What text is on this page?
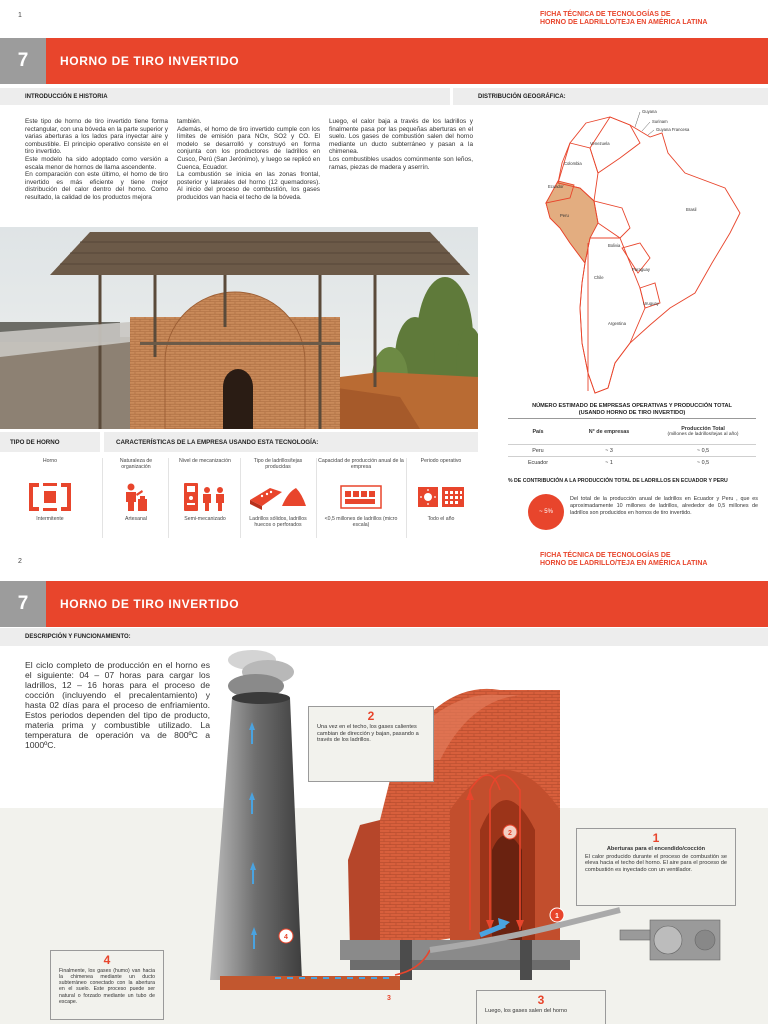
1	FICHA TÉCNICA DE TECNOLOGÍAS DE
HORNO DE LADRILLO/TEJA EN AMÉRICA LATINA
7	HORNO DE TIRO INVERTIDO
INTRODUCCIÓN E HISTORIA	DISTRIBUCIÓN GEOGRÁFICA:

Este tipo de horno de tiro invertido tiene forma rectangular, con una bóveda en la parte superior y varias aberturas a los lados para inyectar aire y combustible. El principio operativo consiste en el tiro invertido.
Este modelo ha sido adoptado como versión a escala menor de hornos de llama ascendente.
En comparación con este último, el horno de tiro invertido es más eficiente y tiene mejor distribución del calor dentro del horno. Como resultado, la calidad de los productos mejora

también.
Además, el horno de tiro invertido cumple con los límites de emisión para NOx, SO2 y CO. El modelo se desarrolló y construyó en forma conjunta con los productores de ladrillos en Cusco, Perú (San Jerónimo), y luego se replicó en Cuenca, Ecuador.
La combustión se inicia en las zonas frontal, posterior y laterales del horno (12 quemadores). Al inicio del proceso de combustión, los gases producidos van hacia el techo de la bóveda.

Luego, el calor baja a través de los ladrillos y finalmente pasa por las pequeñas aberturas en el suelo. Los gases de combustión salen del horno mediante un ducto subterráneo y pasan a la chimenea.
Los combustibles usados comúnmente son leños, ramas, piezas de madera y aserrín.

Guyana
Surinam
Guyana Francesa
Venezuela
Colombia
Ecuador
Peru
Brasil
Bolivia
Paraguay
Chile
Uruguay
Argentina
TIPO DE HORNO	CARACTERÍSTICAS DE LA EMPRESA USANDO ESTA TECNOLOGÍA:
Horno
Intermitente
Naturaleza de organización
Artesanal
Nivel de mecanización
Semi-mecanizado
Tipo de ladrillos/tejas producidas
Ladrillos sólidos, ladrillos huecos o perforados
Capacidad de producción anual de la empresa
<0,5 millones de ladrillos (micro escala)
Periodo operativo
Todo el año
NÚMERO ESTIMADO DE EMPRESAS OPERATIVAS Y PRODUCCIÓN TOTAL
(USANDO HORNO DE TIRO INVERTIDO)
País	N° de empresas	Producción Total
(millones de ladrillos/tejas al año)

Peru	~ 3	~ 0,5
Ecuador	~ 1	~ 0,5
% DE CONTRIBUCIÓN A LA PRODUCCIÓN TOTAL DE LADRILLOS EN ECUADOR Y PERU
~ 5%
Del total de la producción anual de ladrillos en Ecuador y Peru , que es aproximadamente 10 millones de ladrillos, alrededor de 0,5 millones de ladrillos son producidos en hornos de tiro invertido.
2
FICHA TÉCNICA DE TECNOLOGÍAS DE
HORNO DE LADRILLO/TEJA EN AMÉRICA LATINA
7	HORNO DE TIRO INVERTIDO
DESCRIPCIÓN Y FUNCIONAMIENTO:
El ciclo completo de producción en el horno es el siguiente: 04 – 07 horas para cargar los ladrillos, 12 – 16 horas para el proceso de cocción (incluyendo el precalentamiento) y hasta 02 días para el proceso de enfriamiento. Estos periodos dependen del tipo de producto, materia prima y combustible utilizado. La temperatura de operación va de 800ºC a 1000ºC.
1
2
3
4
2
Una vez en el techo, los gases calientes cambian de dirección y bajan, pasando a través de los ladrillos.
1
Aberturas para el encendido/cocción
El calor producido durante el proceso de combustión se eleva hacia el techo del horno. El aire para el proceso de combustión es inyectado con un ventilador.
4
Finalmente, los gases (humo) van hacia la chimenea mediante un ducto subterráneo conectado con la abertura en el suelo. Este proceso puede ser natural o forzado mediante un tubo de escape.	3
Luego, los gases salen del horno
